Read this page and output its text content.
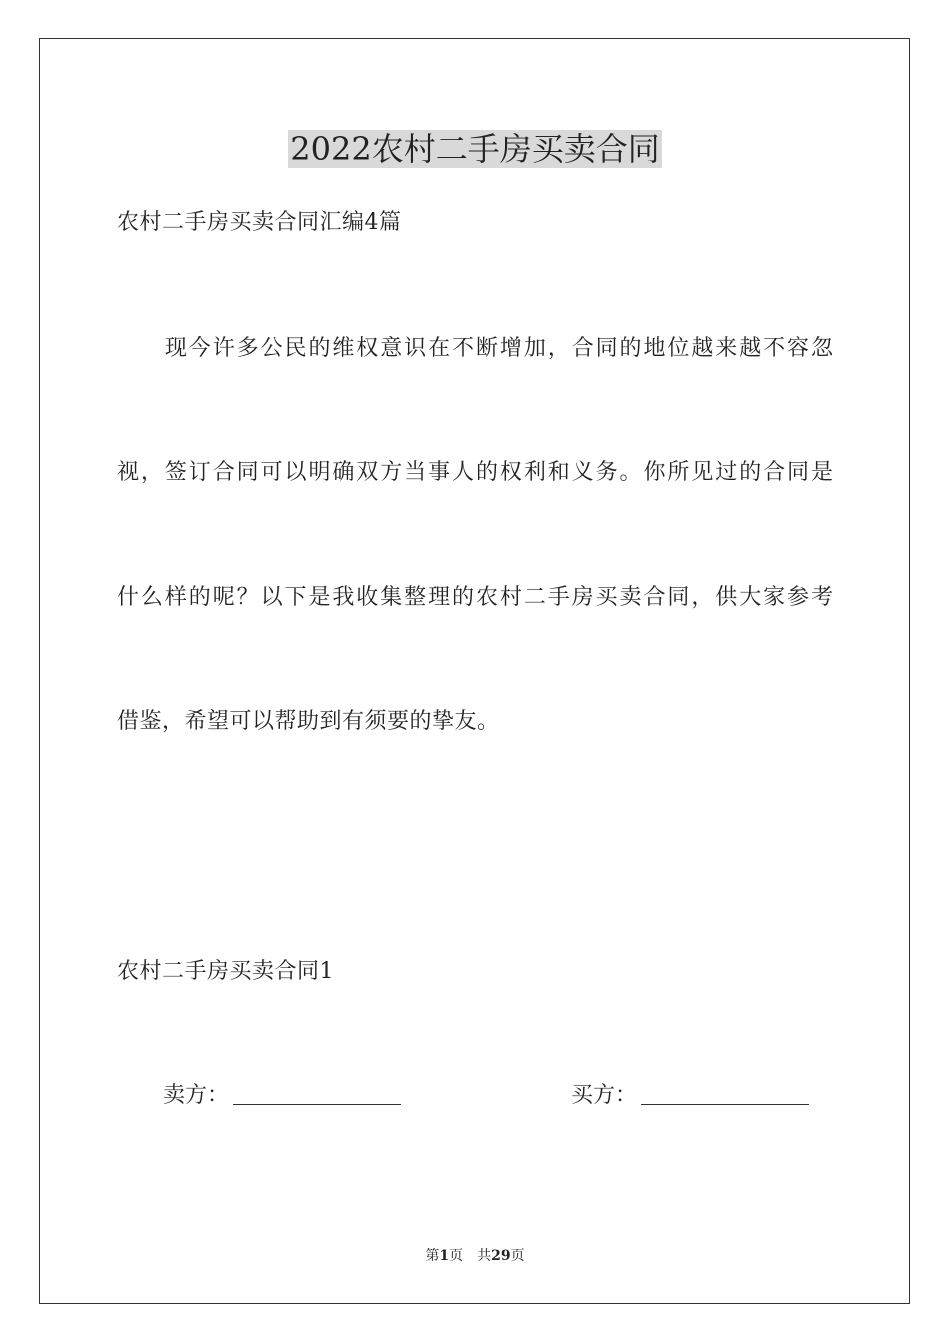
2022农村二手房买卖合同
农村二手房买卖合同汇编4篇
　　现今许多公民的维权意识在不断增加，合同的地位越来越不容忽
视，签订合同可以明确双方当事人的权利和义务。你所见过的合同是
什么样的呢？以下是我收集整理的农村二手房买卖合同，供大家参考
借鉴，希望可以帮助到有须要的挚友。
农村二手房买卖合同1
卖方：	买方：
第1页 共29页
